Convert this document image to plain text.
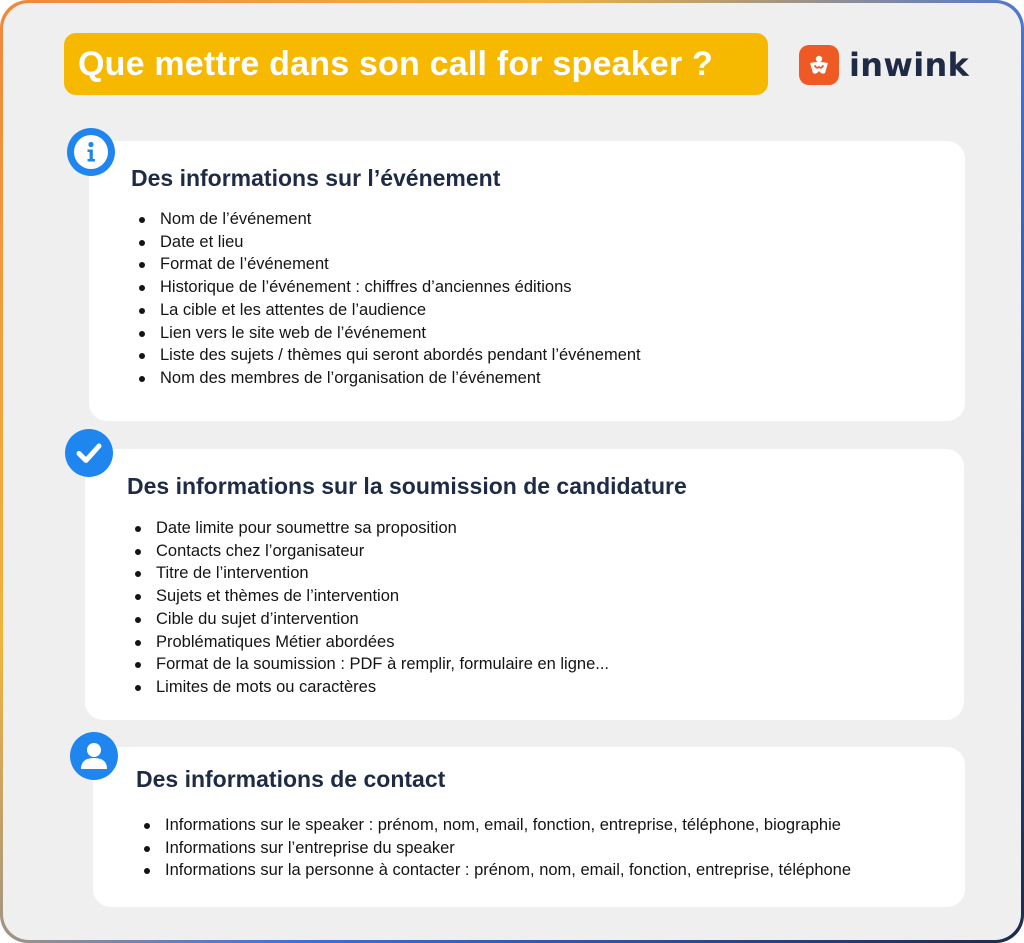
Que mettre dans son call for speaker ?	inwink
Des informations sur l’événement
Nom de l’événement
Date et lieu
Format de l’événement
Historique de l’événement : chiffres d’anciennes éditions
La cible et les attentes de l’audience
Lien vers le site web de l’événement
Liste des sujets / thèmes qui seront abordés pendant l’événement
Nom des membres de l’organisation de l’événement
Des informations sur la soumission de candidature
Date limite pour soumettre sa proposition
Contacts chez l’organisateur
Titre de l’intervention
Sujets et thèmes de l’intervention
Cible du sujet d’intervention
Problématiques Métier abordées
Format de la soumission : PDF à remplir, formulaire en ligne...
Limites de mots ou caractères
Des informations de contact
Informations sur le speaker : prénom, nom, email, fonction, entreprise, téléphone, biographie
Informations sur l’entreprise du speaker
Informations sur la personne à contacter : prénom, nom, email, fonction, entreprise, téléphone
